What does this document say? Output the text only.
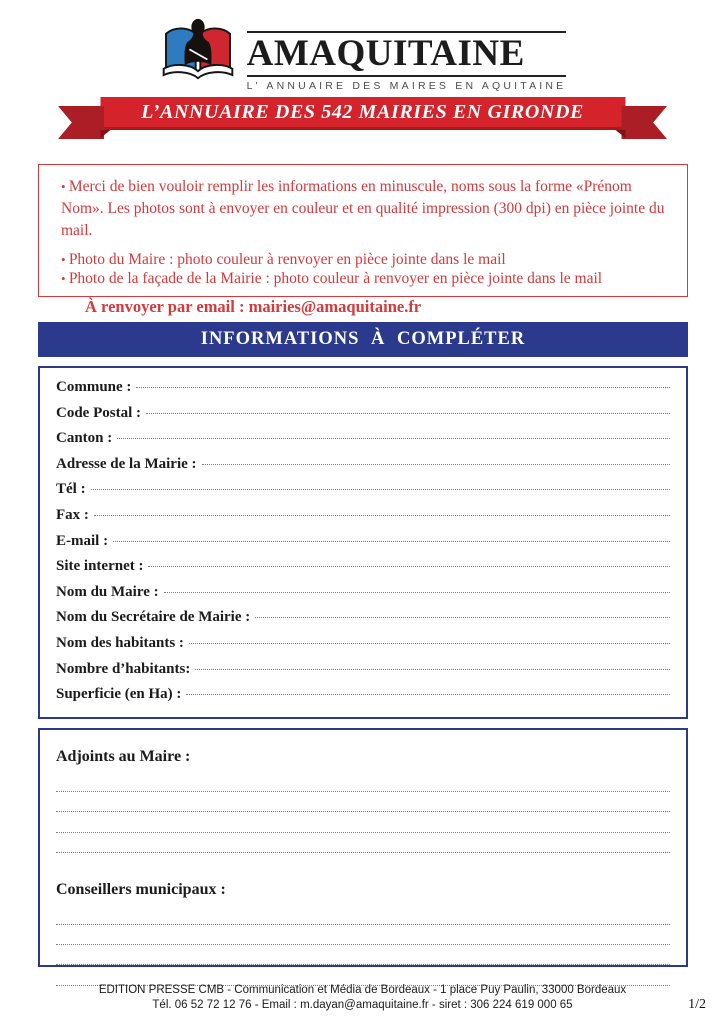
AMAQUITAINE
L' ANNUAIRE DES MAIRES EN AQUITAINE
L’ANNUAIRE DES 542 MAIRIES EN GIRONDE

• Merci de bien vouloir remplir les informations en minuscule, noms sous la forme «Prénom Nom». Les photos sont à envoyer en couleur et en qualité impression (300 dpi) en pièce jointe du mail.

• Photo du Maire : photo couleur à renvoyer en pièce jointe dans le mail

• Photo de la façade de la Mairie : photo couleur à renvoyer en pièce jointe dans le mail

À renvoyer par email : mairies@amaquitaine.fr

INFORMATIONS À COMPLÉTER
Commune :
Code Postal :
Canton :
Adresse de la Mairie :
Tél :
Fax :
E-mail :
Site internet :
Nom du Maire :
Nom du Secrétaire de Mairie :
Nom des habitants :
Nombre d’habitants:
Superficie (en Ha) :
Adjoints au Maire :
Conseillers municipaux :
EDITION PRESSE CMB - Communication et Média de Bordeaux - 1 place Puy Paulin, 33000 Bordeaux
Tél. 06 52 72 12 76 - Email : m.dayan@amaquitaine.fr - siret : 306 224 619 000 65	1/2
